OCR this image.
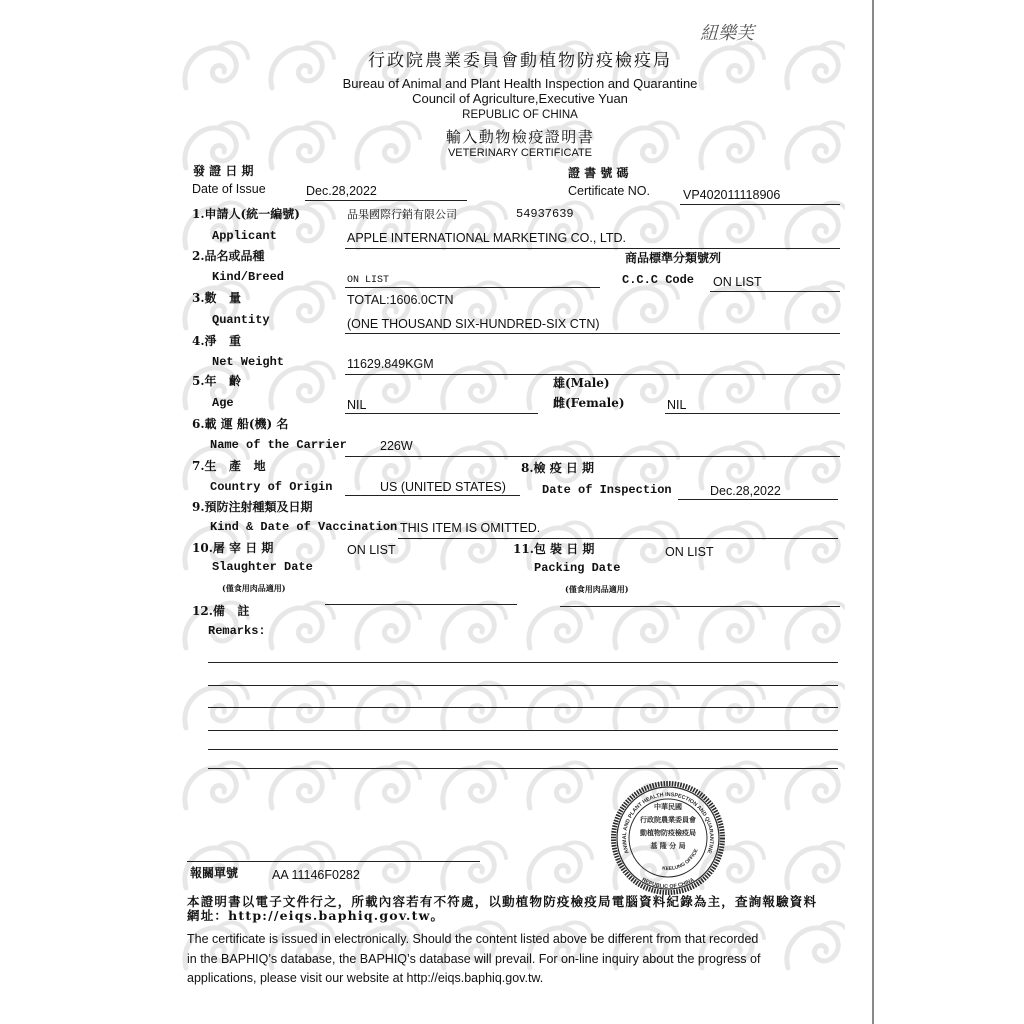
紐樂芙
行政院農業委員會動植物防疫檢疫局
Bureau of Animal and Plant Health Inspection and Quarantine
Council of Agriculture,Executive Yuan
REPUBLIC OF CHINA
輸入動物檢疫證明書
VETERINARY CERTIFICATE
發 證 日 期
Date of Issue	Dec.28,2022
證 書 號 碼
Certificate NO.	VP402011118906
1.申請人(統一編號)	品果國際行銷有限公司	54937639
Applicant	APPLE INTERNATIONAL MARKETING CO., LTD.
2.品名或品種	商品標準分類號列
Kind/Breed	ON LIST	C.C.C Code ON LIST
3.數   量	TOTAL:1606.0CTN
Quantity	(ONE THOUSAND SIX-HUNDRED-SIX CTN)
4.淨   重
Net Weight	11629.849KGM
5.年   齡	雄(Male)
Age	NIL	雌(Female)	NIL
6.載 運 船(機) 名
Name of the Carrier	226W
7.生   產   地	8.檢 疫 日 期
Country of Origin	US (UNITED STATES)	Date of Inspection	Dec.28,2022
9.預防注射種類及日期
Kind & Date of Vaccination THIS ITEM IS OMITTED.
10.屠 宰 日 期	ON LIST	11.包 裝 日 期	ON LIST
Slaughter Date	Packing Date
(僅食用肉品適用)	(僅食用肉品適用)
12.備   註
Remarks:
ANIMAL AND PLANT HEALTH INSPECTION AND QUARANTINE
REPUBLIC OF CHINA
KEELUNG OFFICE
中華民國
行政院農業委員會
動植物防疫檢疫局
基 隆 分 局
報關單號	AA 11146F0282
本證明書以電子文件行之，所載內容若有不符處，以動植物防疫檢疫局電腦資料紀錄為主，查詢報驗資料
網址：http://eiqs.baphiq.gov.tw。
The certificate is issued in electronically. Should the content listed above be different from that recorded
in the BAPHIQ’s database, the BAPHIQ’s database will prevail. For on-line inquiry about the progress of
applications, please visit our website at http://eiqs.baphiq.gov.tw.
